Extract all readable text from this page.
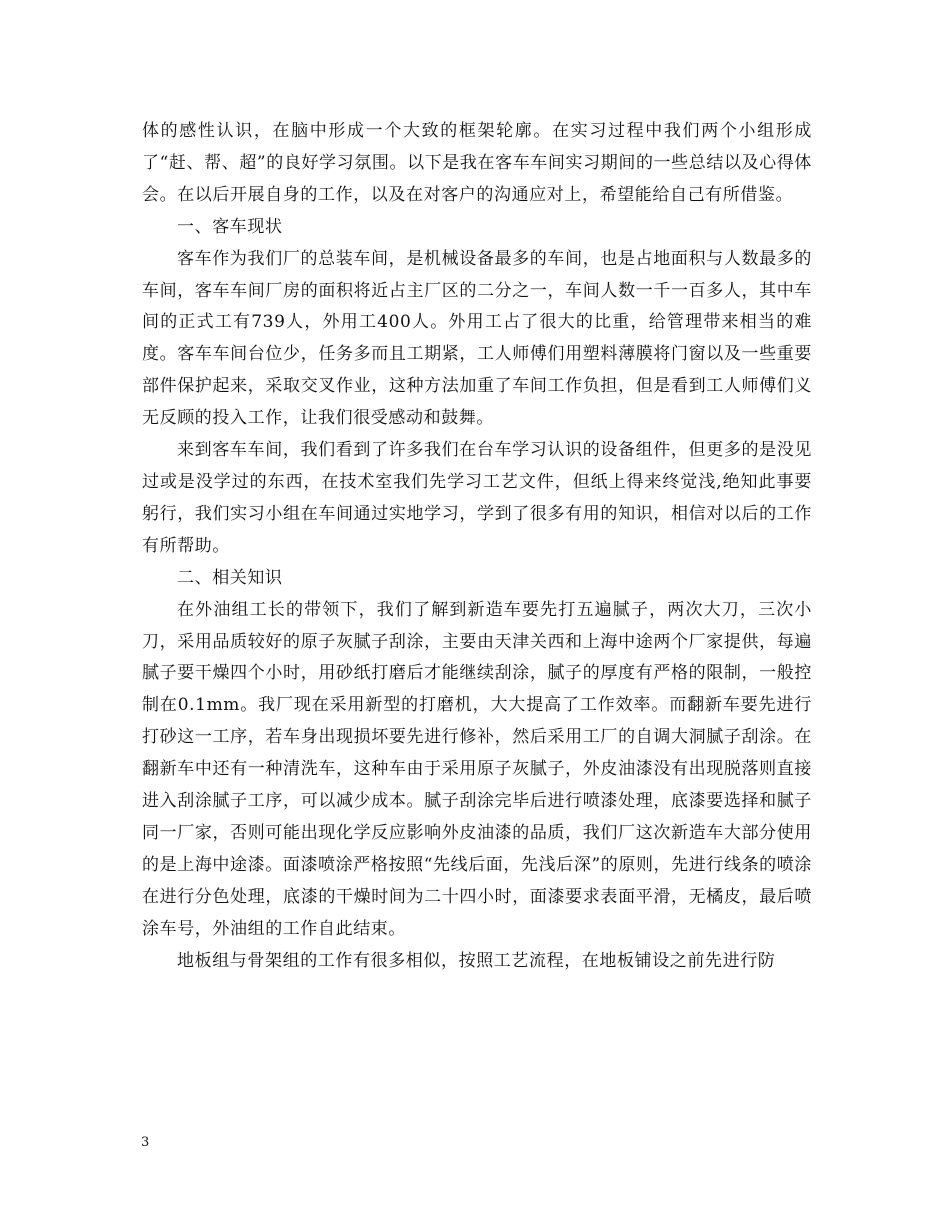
体的感性认识，在脑中形成一个大致的框架轮廓。在实习过程中我们两个小组形成了“赶、帮、超”的良好学习氛围。以下是我在客车车间实习期间的一些总结以及心得体会。在以后开展自身的工作，以及在对客户的沟通应对上，希望能给自己有所借鉴。

一、客车现状

客车作为我们厂的总装车间，是机械设备最多的车间，也是占地面积与人数最多的车间，客车车间厂房的面积将近占主厂区的二分之一，车间人数一千一百多人，其中车间的正式工有739人，外用工400人。外用工占了很大的比重，给管理带来相当的难度。客车车间台位少，任务多而且工期紧，工人师傅们用塑料薄膜将门窗以及一些重要部件保护起来，采取交叉作业，这种方法加重了车间工作负担，但是看到工人师傅们义无反顾的投入工作，让我们很受感动和鼓舞。

来到客车车间，我们看到了许多我们在台车学习认识的设备组件，但更多的是没见过或是没学过的东西，在技术室我们先学习工艺文件，但纸上得来终觉浅,绝知此事要躬行，我们实习小组在车间通过实地学习，学到了很多有用的知识，相信对以后的工作有所帮助。

二、相关知识

在外油组工长的带领下，我们了解到新造车要先打五遍腻子，两次大刀，三次小刀，采用品质较好的原子灰腻子刮涂，主要由天津关西和上海中途两个厂家提供，每遍腻子要干燥四个小时，用砂纸打磨后才能继续刮涂，腻子的厚度有严格的限制，一般控制在0.1mm。我厂现在采用新型的打磨机，大大提高了工作效率。而翻新车要先进行打砂这一工序，若车身出现损坏要先进行修补，然后采用工厂的自调大洞腻子刮涂。在翻新车中还有一种清洗车，这种车由于采用原子灰腻子，外皮油漆没有出现脱落则直接进入刮涂腻子工序，可以减少成本。腻子刮涂完毕后进行喷漆处理，底漆要选择和腻子同一厂家，否则可能出现化学反应影响外皮油漆的品质，我们厂这次新造车大部分使用的是上海中途漆。面漆喷涂严格按照“先线后面，先浅后深”的原则，先进行线条的喷涂在进行分色处理，底漆的干燥时间为二十四小时，面漆要求表面平滑，无橘皮，最后喷涂车号，外油组的工作自此结束。

地板组与骨架组的工作有很多相似，按照工艺流程，在地板铺设之前先进行防

3
